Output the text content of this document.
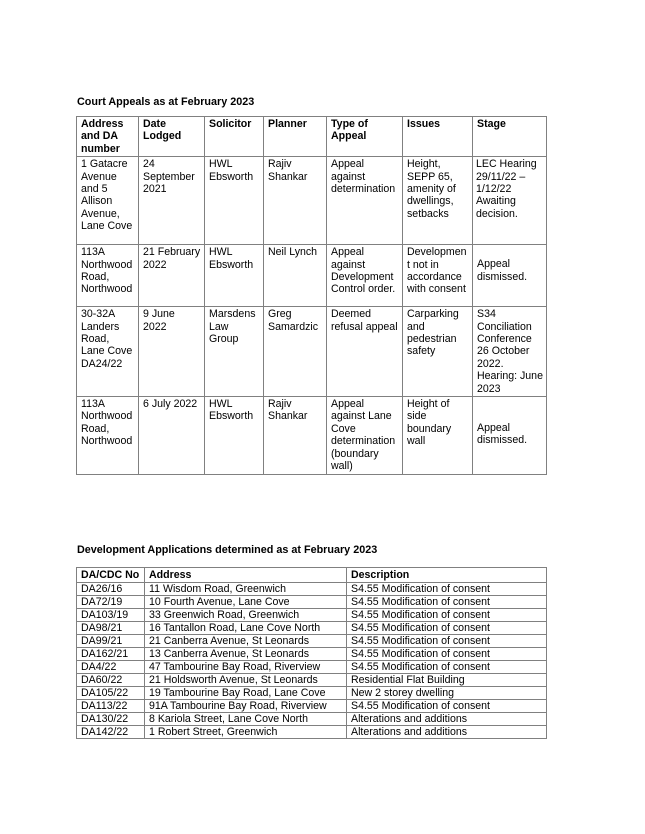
Court Appeals as at February 2023
Address and DA number	Date Lodged	Solicitor	Planner	Type of Appeal	Issues	Stage
1 Gatacre Avenue and 5 Allison Avenue, Lane Cove	24 September 2021	HWL Ebsworth	Rajiv Shankar	Appeal against determination	Height, SEPP 65, amenity of dwellings, setbacks	LEC Hearing 29/11/22 – 1/12/22 Awaiting decision.
113A Northwood Road, Northwood	21 February 2022	HWL Ebsworth	Neil Lynch	Appeal against Development Control order.	Development not in accordance with consent	Appeal dismissed.

30-32A Landers Road, Lane Cove DA24/22	9 June 2022	Marsdens Law Group	Greg Samardzic	Deemed refusal appeal	Carparking and pedestrian safety	S34 Conciliation Conference 26 October 2022. Hearing: June 2023
113A Northwood Road, Northwood	6 July 2022	HWL Ebsworth	Rajiv Shankar	Appeal against Lane Cove determination (boundary wall)	Height of side boundary wall	Appeal dismissed.
Development Applications determined as at February 2023
DA/CDC No	Address	Description
DA26/16	11 Wisdom Road, Greenwich	S4.55 Modification of consent
DA72/19	10 Fourth Avenue, Lane Cove	S4.55 Modification of consent
DA103/19	33 Greenwich Road, Greenwich	S4.55 Modification of consent
DA98/21	16 Tantallon Road, Lane Cove North	S4.55 Modification of consent
DA99/21	21 Canberra Avenue, St Leonards	S4.55 Modification of consent
DA162/21	13 Canberra Avenue, St Leonards	S4.55 Modification of consent
DA4/22	47 Tambourine Bay Road, Riverview	S4.55 Modification of consent
DA60/22	21 Holdsworth Avenue, St Leonards	Residential Flat Building
DA105/22	19 Tambourine Bay Road, Lane Cove	New 2 storey dwelling
DA113/22	91A Tambourine Bay Road, Riverview	S4.55 Modification of consent
DA130/22	8 Kariola Street, Lane Cove North	Alterations and additions
DA142/22	1 Robert Street, Greenwich	Alterations and additions
